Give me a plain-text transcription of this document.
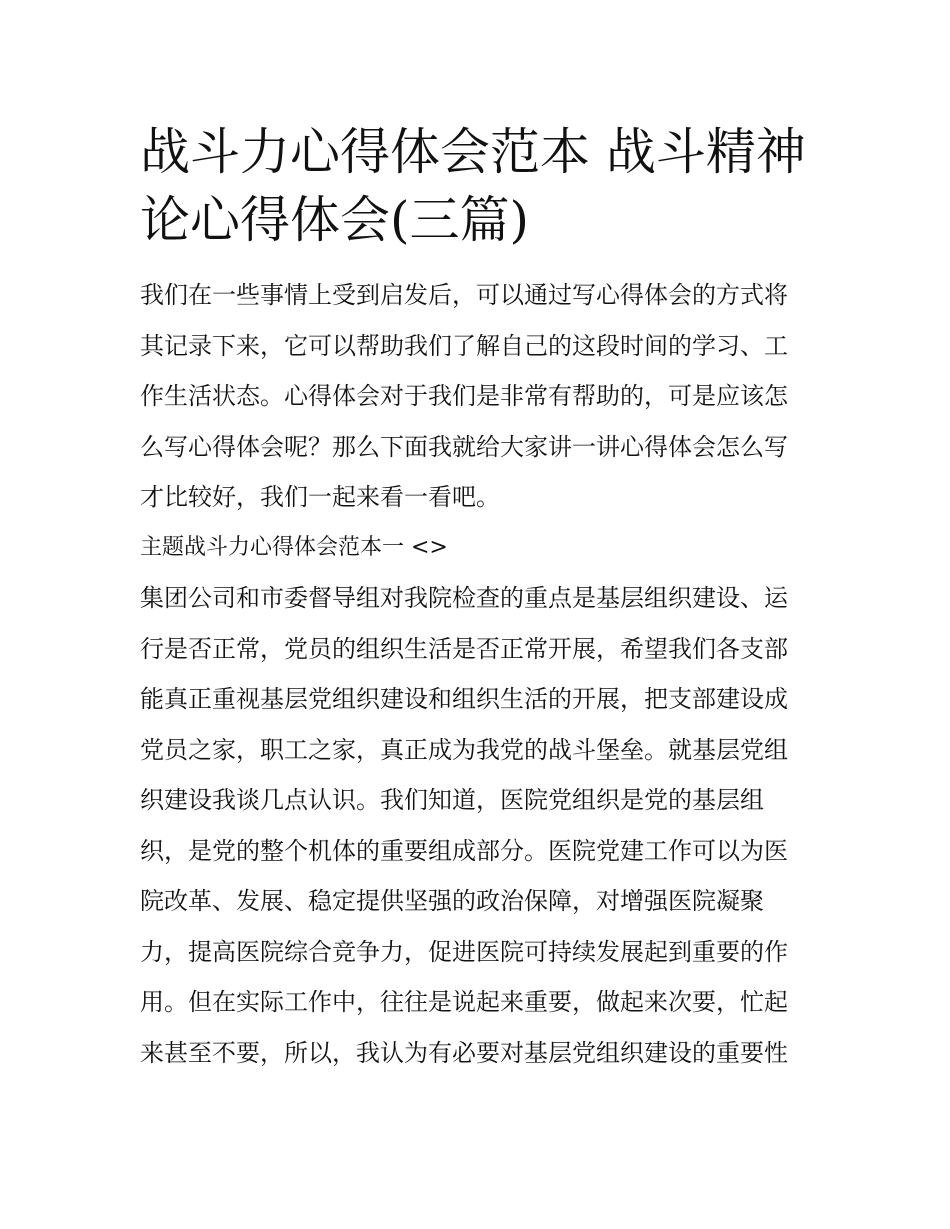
战斗力心得体会范本 战斗精神
论心得体会(三篇)

我们在一些事情上受到启发后，可以通过写心得体会的方式将

其记录下来，它可以帮助我们了解自己的这段时间的学习、工

作生活状态。心得体会对于我们是非常有帮助的，可是应该怎

么写心得体会呢？那么下面我就给大家讲一讲心得体会怎么写

才比较好，我们一起来看一看吧。

主题战斗力心得体会范本一 <>

集团公司和市委督导组对我院检查的重点是基层组织建设、运

行是否正常，党员的组织生活是否正常开展，希望我们各支部

能真正重视基层党组织建设和组织生活的开展，把支部建设成

党员之家，职工之家，真正成为我党的战斗堡垒。就基层党组

织建设我谈几点认识。我们知道，医院党组织是党的基层组

织，是党的整个机体的重要组成部分。医院党建工作可以为医

院改革、发展、稳定提供坚强的政治保障，对增强医院凝聚

力，提高医院综合竞争力，促进医院可持续发展起到重要的作

用。但在实际工作中，往往是说起来重要，做起来次要，忙起

来甚至不要，所以，我认为有必要对基层党组织建设的重要性
